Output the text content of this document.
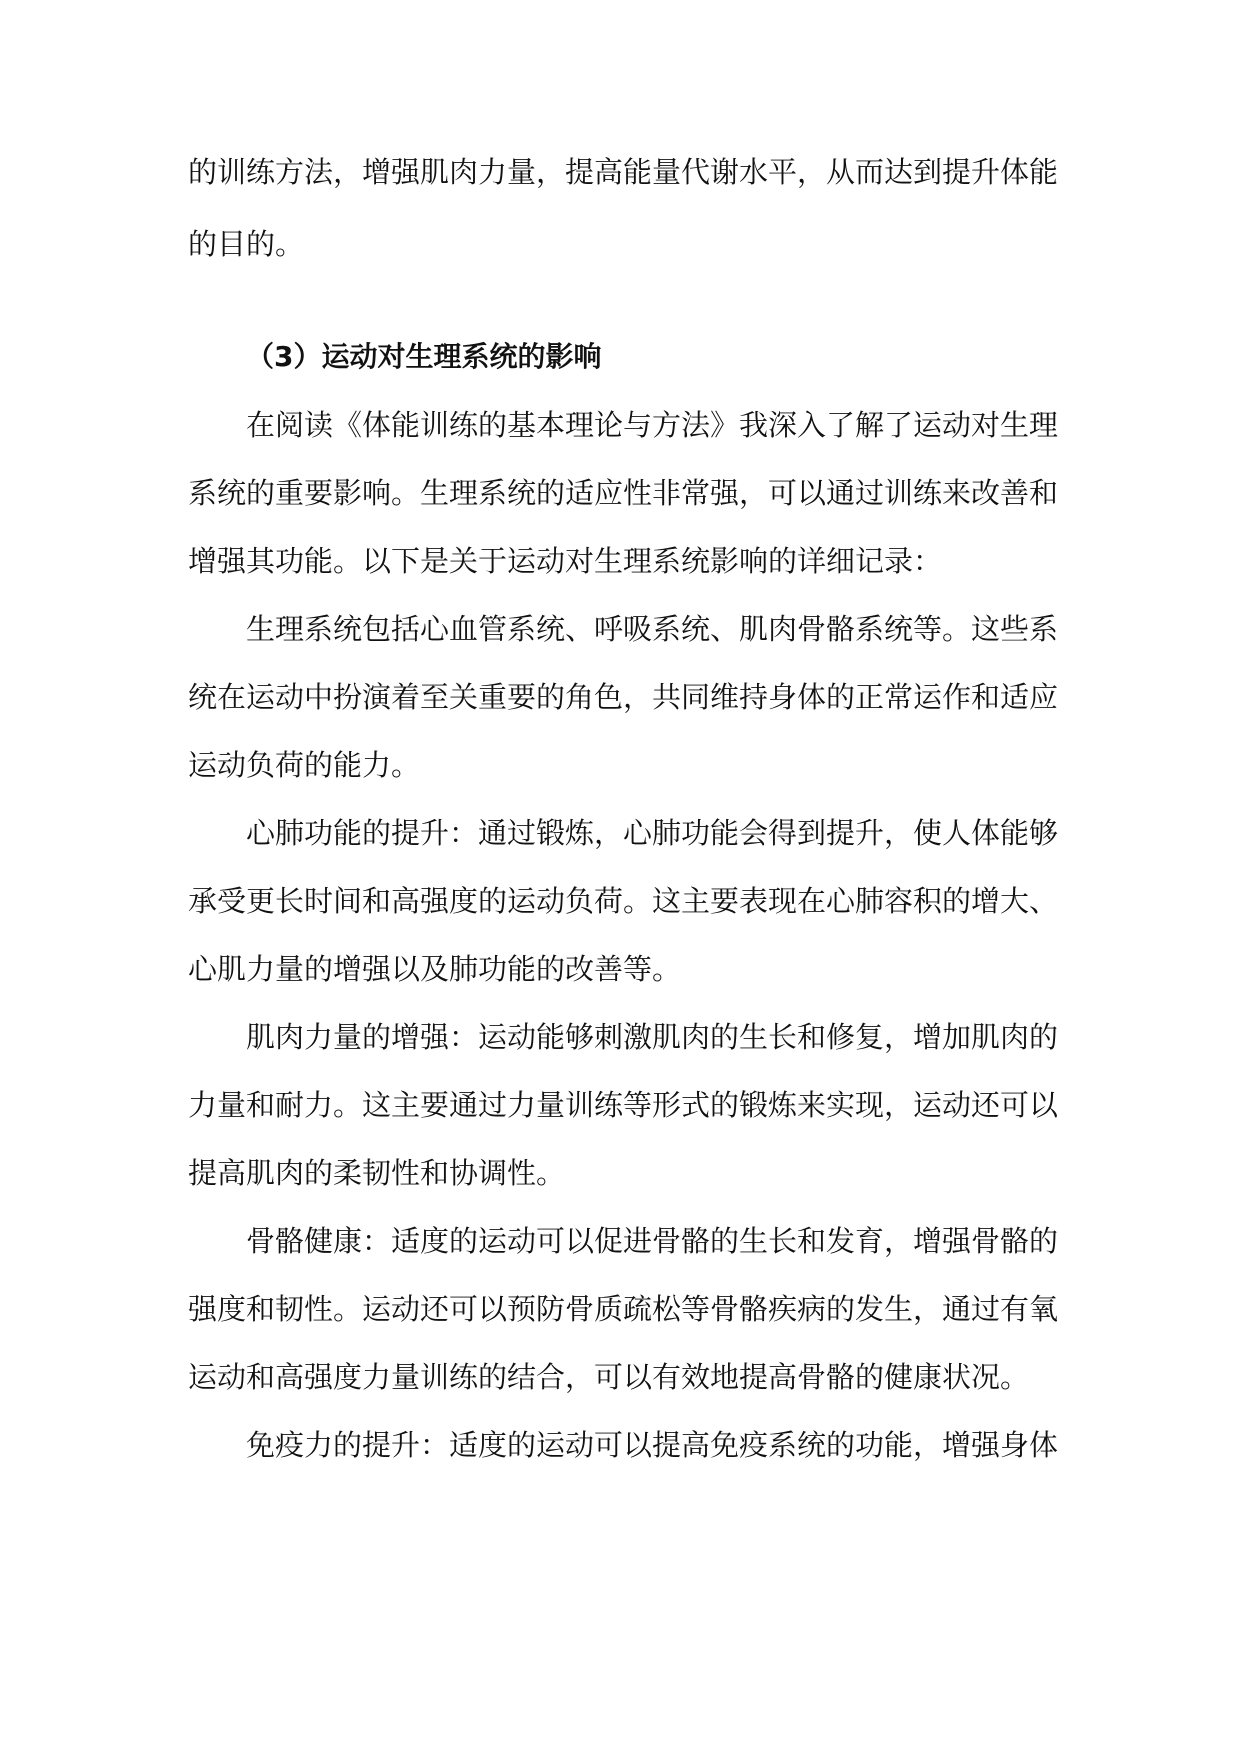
的训练方法，增强肌肉力量，提高能量代谢水平，从而达到提升体能
的目的。
（3）运动对生理系统的影响
在阅读《体能训练的基本理论与方法》我深入了解了运动对生理
系统的重要影响。生理系统的适应性非常强，可以通过训练来改善和
增强其功能。以下是关于运动对生理系统影响的详细记录：
生理系统包括心血管系统、呼吸系统、肌肉骨骼系统等。这些系
统在运动中扮演着至关重要的角色，共同维持身体的正常运作和适应
运动负荷的能力。
心肺功能的提升：通过锻炼，心肺功能会得到提升，使人体能够
承受更长时间和高强度的运动负荷。这主要表现在心肺容积的增大、
心肌力量的增强以及肺功能的改善等。
肌肉力量的增强：运动能够刺激肌肉的生长和修复，增加肌肉的
力量和耐力。这主要通过力量训练等形式的锻炼来实现，运动还可以
提高肌肉的柔韧性和协调性。
骨骼健康：适度的运动可以促进骨骼的生长和发育，增强骨骼的
强度和韧性。运动还可以预防骨质疏松等骨骼疾病的发生，通过有氧
运动和高强度力量训练的结合，可以有效地提高骨骼的健康状况。
免疫力的提升：适度的运动可以提高免疫系统的功能，增强身体
